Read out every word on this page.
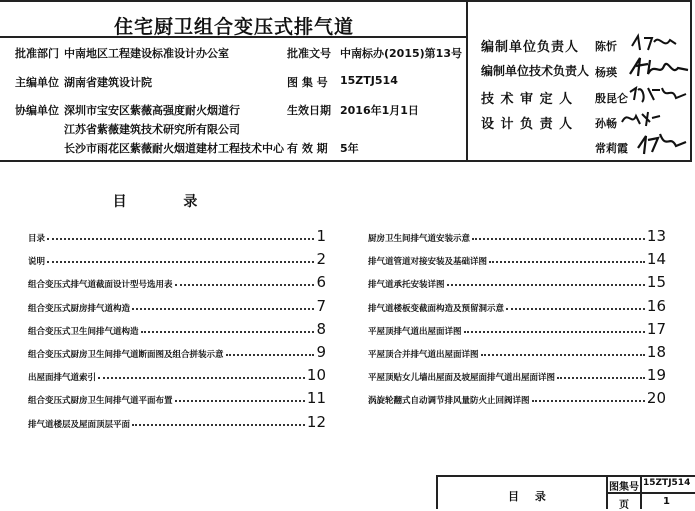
住宅厨卫组合变压式排气道
批准部门 中南地区工程建设标准设计办公室
主编单位 湖南省建筑设计院
协编单位 深圳市宝安区紫薇高强度耐火烟道行
江苏省紫薇建筑技术研究所有限公司
长沙市雨花区紫薇耐火烟道建材工程技术中心
批准文号 中南标办(2015)第13号
图 集 号 15ZTJ514
生效日期 2016年1月1日
有 效 期 5年
编制单位负责人 陈忻
编制单位技术负责人 杨瑛
技 术 审 定 人 殷昆仑
设 计 负 责 人 孙畅
常莉霞
目 录
目录	1
说明	2
组合变压式排气道截面设计型号选用表	6
组合变压式厨房排气道构造	7
组合变压式卫生间排气道构造	8
组合变压式厨房卫生间排气道断面图及组合拼装示意	9
出屋面排气道索引	10
组合变压式厨房卫生间排气道平面布置	11
排气道楼层及屋面顶层平面	12
厨房卫生间排气道安装示意	13
排气道管道对接安装及基础详图	14
排气道承托安装详图	15
排气道楼板变截面构造及预留洞示意	16
平屋顶排气道出屋面详图	17
平屋顶合并排气道出屋面详图	18
平屋顶贴女儿墙出屋面及坡屋面排气道出屋面详图	19
涡旋轮翻式自动调节排风量防火止回阀详图	20
目 录
图集号 15ZTJ514
页	1
